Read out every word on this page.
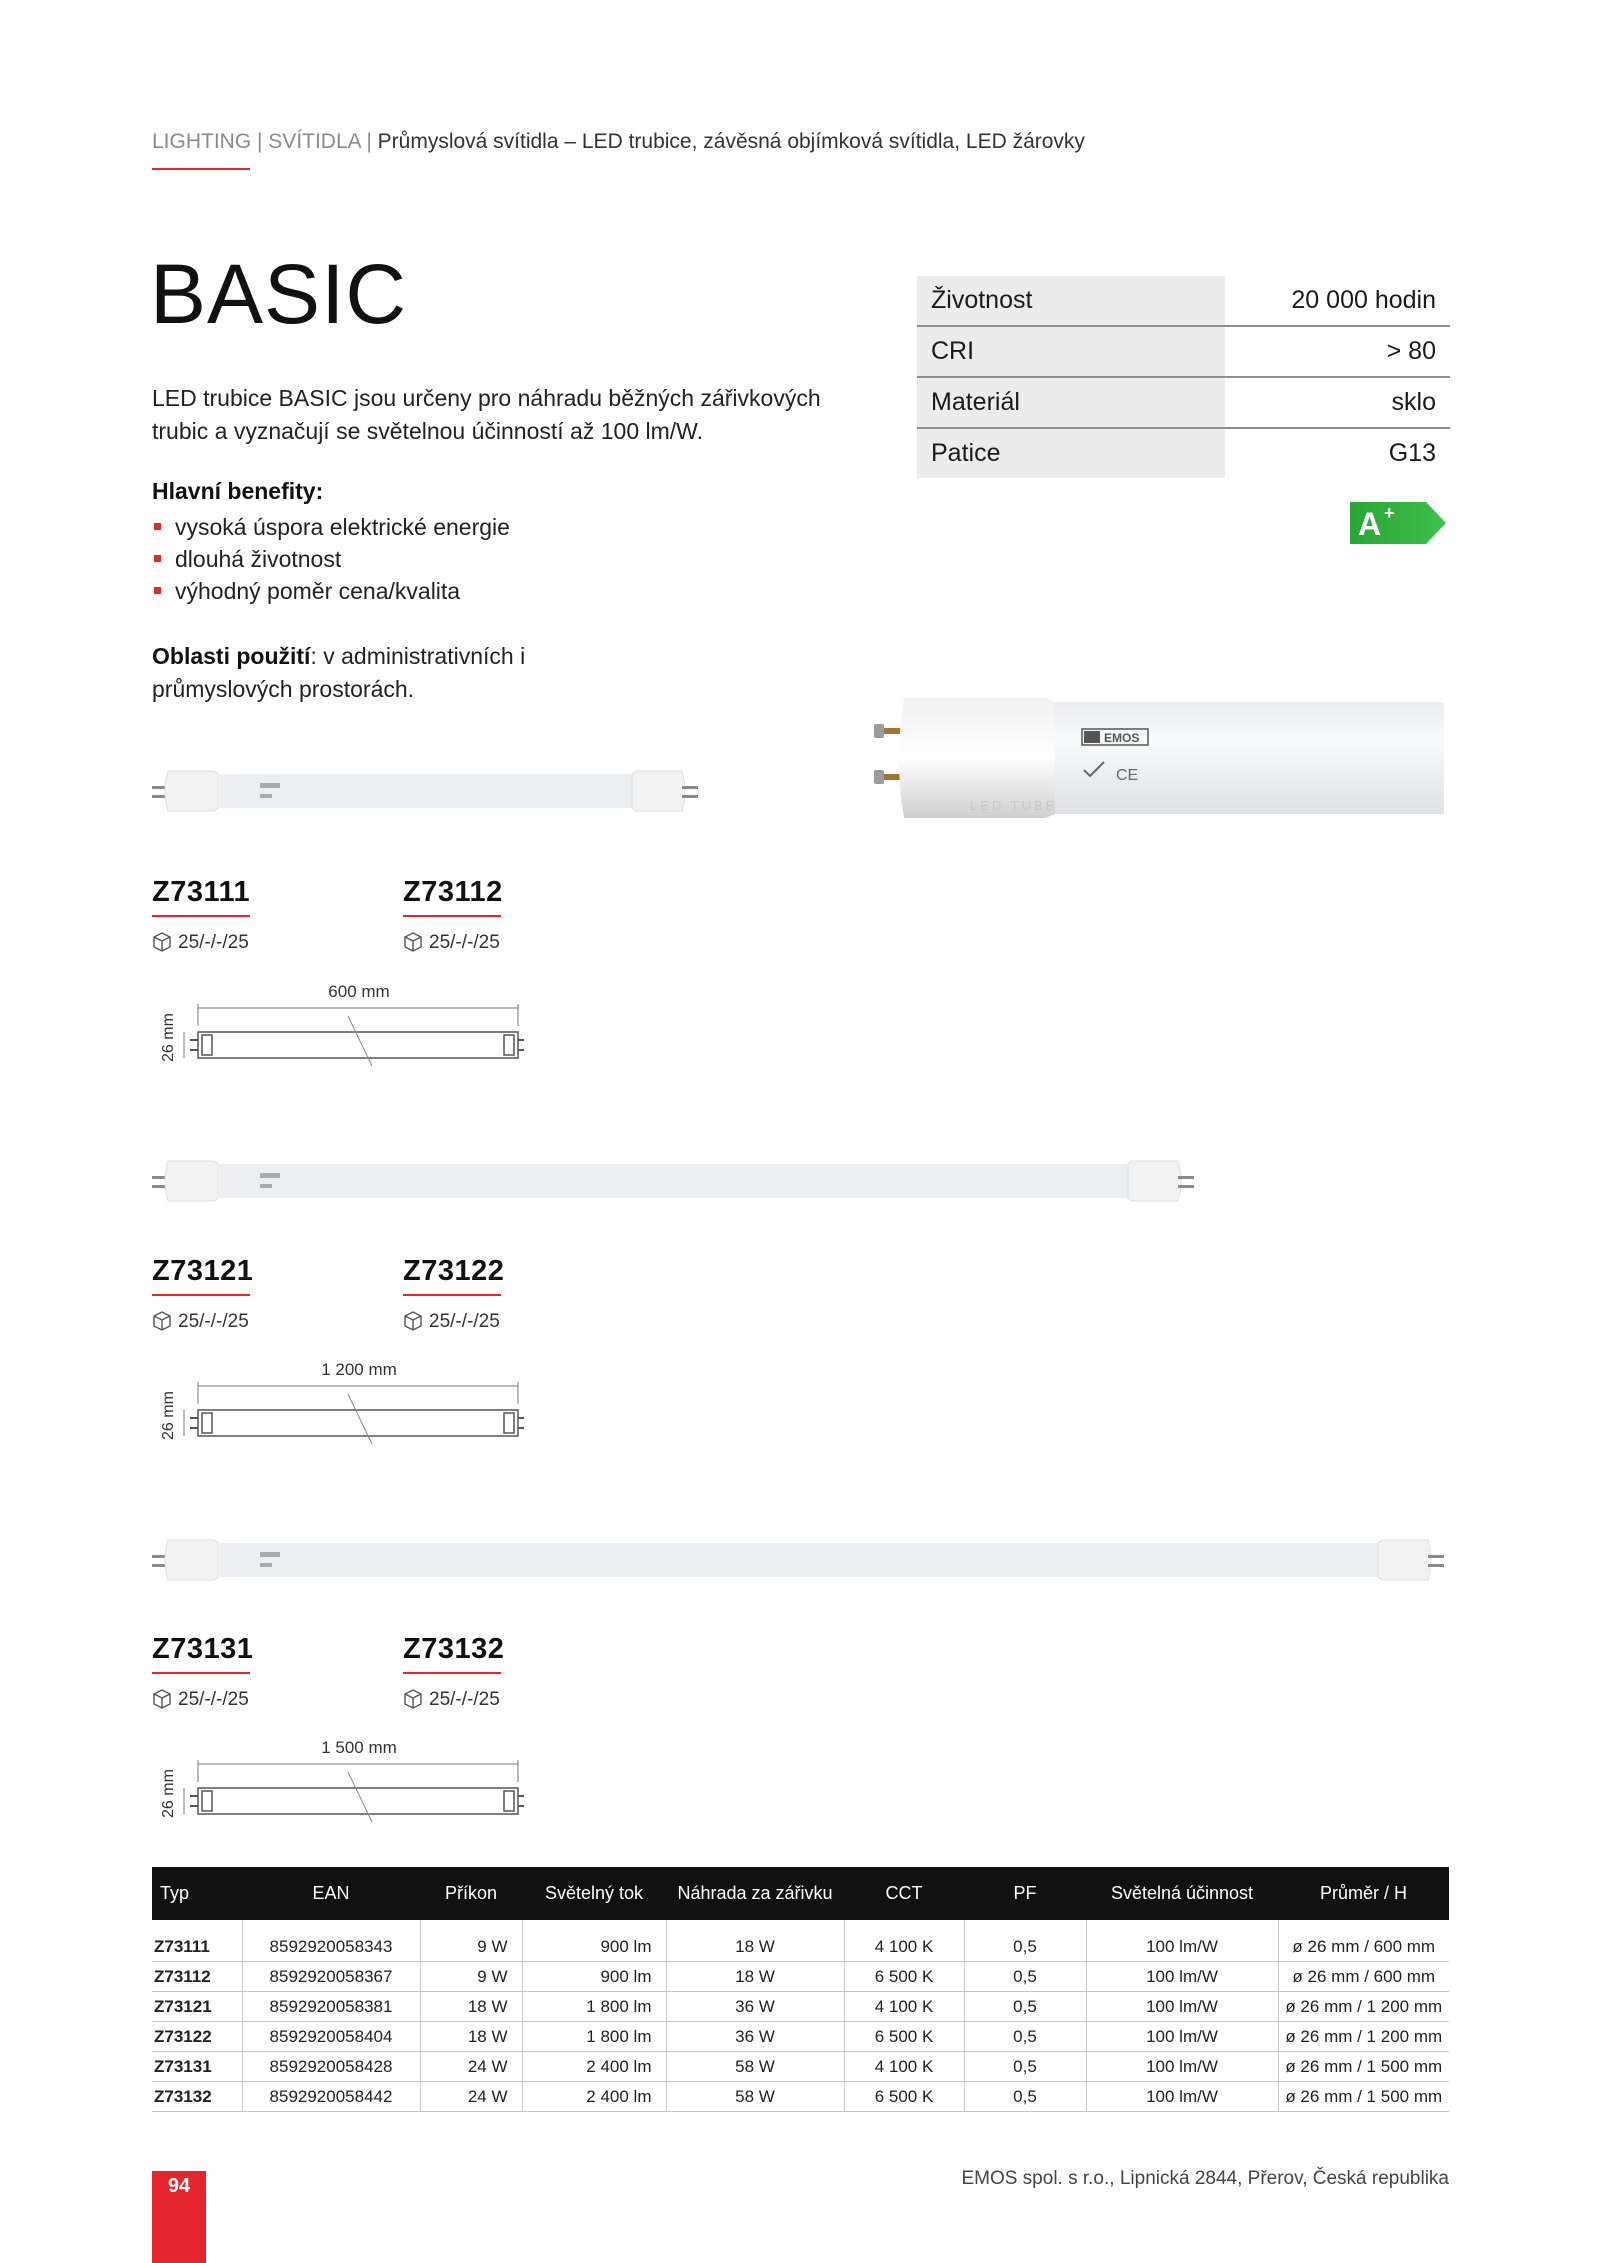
LIGHTING | SVÍTIDLA | Průmyslová svítidla – LED trubice, závěsná objímková svítidla, LED žárovky
BASIC
LED trubice BASIC jsou určeny pro náhradu běžných zářivkových trubic a vyznačují se světelnou účinností až 100 lm/W.
Hlavní benefity:
vysoká úspora elektrické energie
dlouhá životnost
výhodný poměr cena/kvalita
Oblasti použití: v administrativních i průmyslových prostorách.
Životnost	20 000 hodin
CRI	> 80
Materiál	sklo
Patice	G13
A +
EMOS
CE
LED TUBE
Z73111	Z73112
25/-/-/25	25/-/-/25
600 mm
26 mm
Z73121	Z73122
25/-/-/25	25/-/-/25
1 200 mm
26 mm
Z73131	Z73132
25/-/-/25	25/-/-/25
1 500 mm
26 mm
Typ	EAN	Příkon	Světelný tok	Náhrada za zářivku	CCT	PF	Světelná účinnost	Průměr / H
Z73111	8592920058343	9 W	900 lm	18 W	4 100 K	0,5	100 lm/W	ø 26 mm / 600 mm
Z73112	8592920058367	9 W	900 lm	18 W	6 500 K	0,5	100 lm/W	ø 26 mm / 600 mm
Z73121	8592920058381	18 W	1 800 lm	36 W	4 100 K	0,5	100 lm/W	ø 26 mm / 1 200 mm
Z73122	8592920058404	18 W	1 800 lm	36 W	6 500 K	0,5	100 lm/W	ø 26 mm / 1 200 mm
Z73131	8592920058428	24 W	2 400 lm	58 W	4 100 K	0,5	100 lm/W	ø 26 mm / 1 500 mm
Z73132	8592920058442	24 W	2 400 lm	58 W	6 500 K	0,5	100 lm/W	ø 26 mm / 1 500 mm
94	EMOS spol. s r.o., Lipnická 2844, Přerov, Česká republika
